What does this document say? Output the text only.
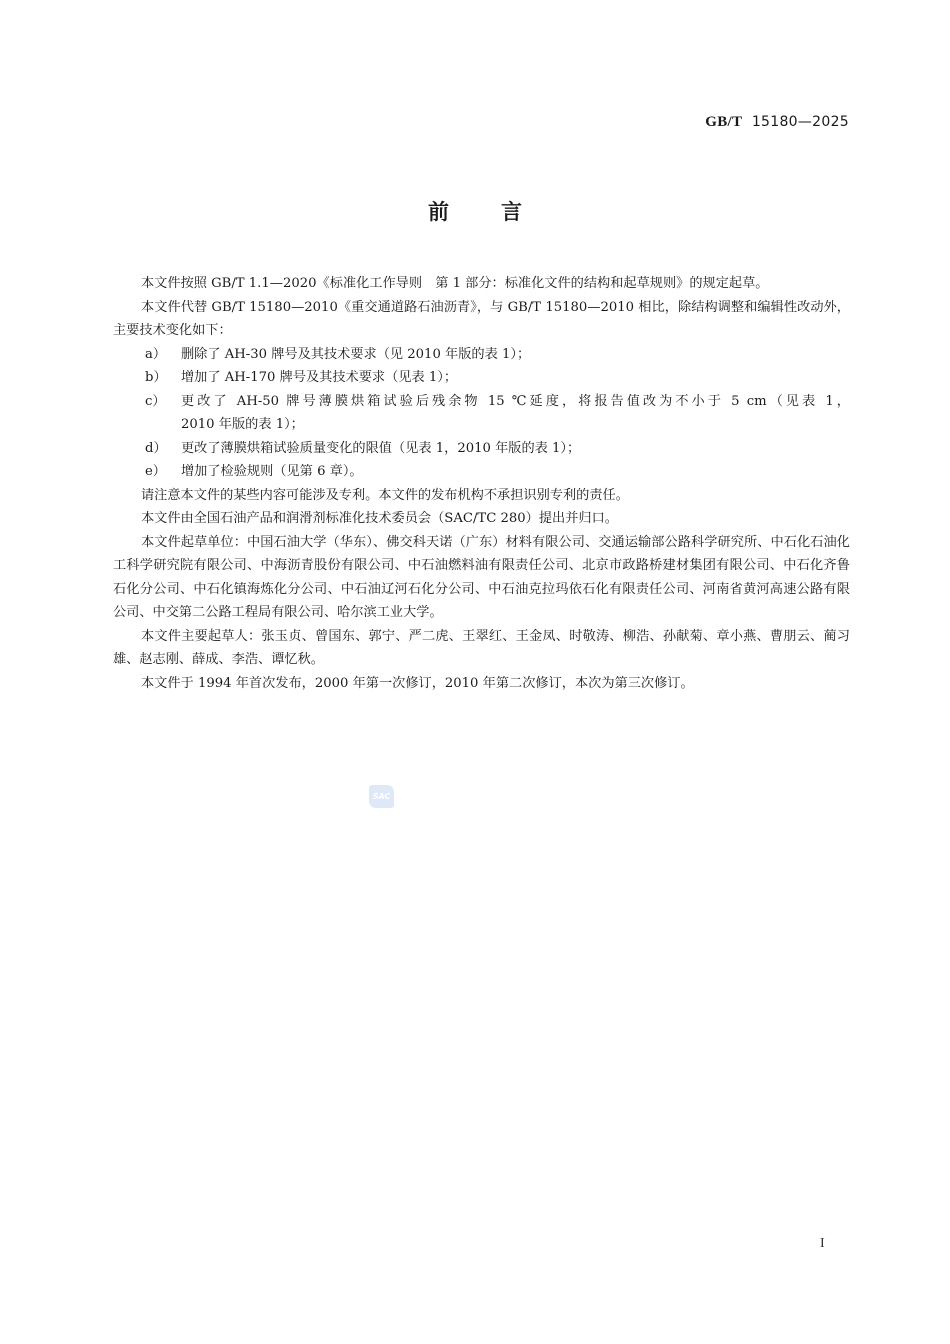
GB/T 15180—2025
前言

本文件按照 GB/T 1.1—2020《标准化工作导则　第 1 部分：标准化文件的结构和起草规则》的规定起草。

本文件代替 GB/T 15180—2010《重交通道路石油沥青》，与 GB/T 15180—2010 相比，除结构调整和编辑性改动外，主要技术变化如下：

a）	删除了 AH-30 牌号及其技术要求（见 2010 年版的表 1）；
b）	增加了 AH-170 牌号及其技术要求（见表 1）；
c）	更改了 AH-50 牌号薄膜烘箱试验后残余物 15 ℃延度，将报告值改为不小于 5 cm（见表 1，
2010 年版的表 1）；
d）	更改了薄膜烘箱试验质量变化的限值（见表 1，2010 年版的表 1）；
e）	增加了检验规则（见第 6 章）。

请注意本文件的某些内容可能涉及专利。本文件的发布机构不承担识别专利的责任。

本文件由全国石油产品和润滑剂标准化技术委员会（SAC/TC 280）提出并归口。

本文件起草单位：中国石油大学（华东）、佛交科天诺（广东）材料有限公司、交通运输部公路科学研究所、中石化石油化工科学研究院有限公司、中海沥青股份有限公司、中石油燃料油有限责任公司、北京市政路桥建材集团有限公司、中石化齐鲁石化分公司、中石化镇海炼化分公司、中石油辽河石化分公司、中石油克拉玛依石化有限责任公司、河南省黄河高速公路有限公司、中交第二公路工程局有限公司、哈尔滨工业大学。

本文件主要起草人：张玉贞、曾国东、郭宁、严二虎、王翠红、王金凤、时敬涛、柳浩、孙献菊、章小燕、曹朋云、蔺习雄、赵志刚、薛成、李浩、谭忆秋。

本文件于 1994 年首次发布，2000 年第一次修订，2010 年第二次修订，本次为第三次修订。

SAC
I
